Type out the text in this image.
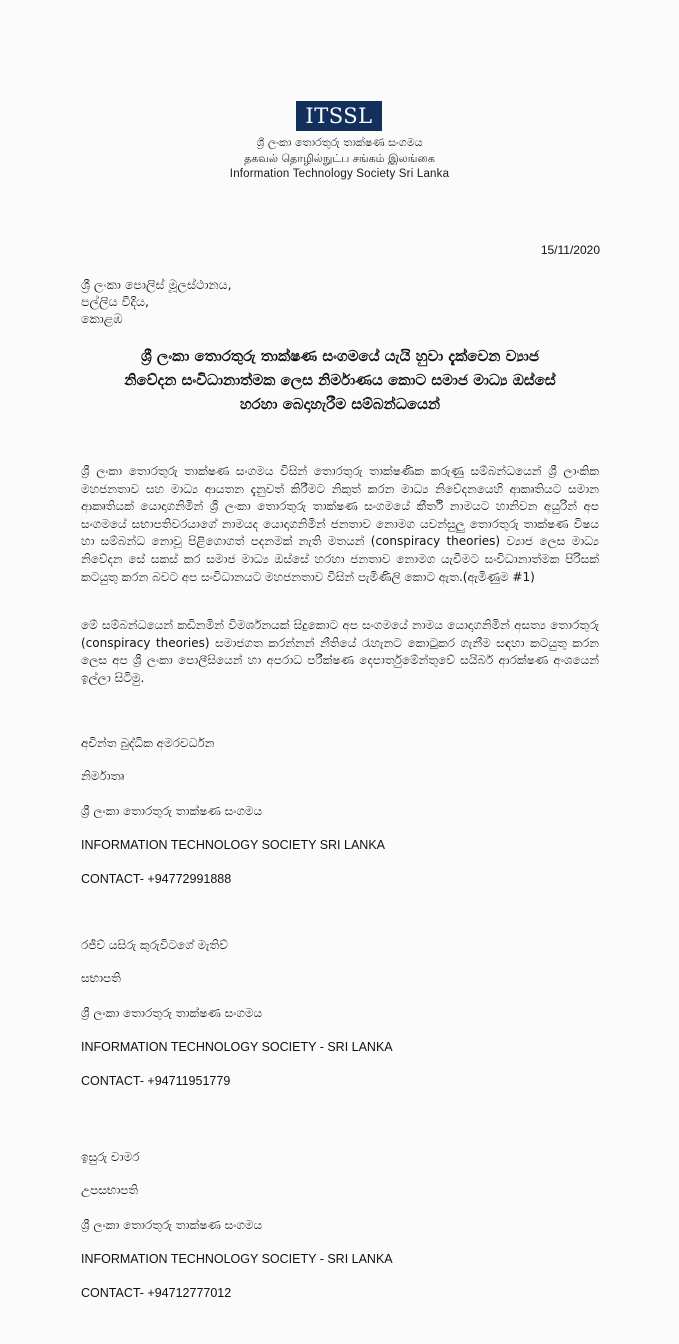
ITSSL
ශ්‍රී ලංකා තොරතුරු තාක්ෂණ සංගමය
தகவல் தொழில்நுட்ப சங்கம் இலங்கை
Information Technology Society Sri Lanka
15/11/2020
ශ්‍රී ලංකා පොලිස් මූලස්ථානය,
පල්ලිය වීදිය,
කොළඹ
ශ්‍රී ලංකා තොරතුරු තාක්ෂණ සංගමයේ යැයි හුවා දැක්වෙන ව්‍යාජ
නිවේදන සංවිධානාත්මක ලෙස නිර්මාණය කොට සමාජ මාධ්‍ය ඔස්සේ
හරහා බෙදාහැරීම සම්බන්ධයෙන්
ශ්‍රී ලංකා තොරතුරු තාක්ෂණ සංගමය විසින් තොරතුරු තාක්ෂණික කරුණු සම්බන්ධයෙන් ශ්‍රී ලාංකික මහජනතාව සහ මාධ්‍ය ආයතන දැනුවත් කිරීමට නිකුත් කරන මාධ්‍ය නිවේදනයෙහි ආකෘතියට සමාන ආකෘතියක් යොදාගනිමින් ශ්‍රී ලංකා තොරතුරු තාක්ෂණ සංගමයේ කීර්ති නාමයට හානිවන අයුරින් අප සංගමයේ සභාපතිවරයාගේ නාමයද යොදාගනිමින් ජනතාව නොමග යවන්සුලු තොරතුරු තාක්ෂණ විෂය හා සම්බන්ධ නොවූ පිළිගොගත් පදනමක් නැති මතයන් (conspiracy theories) ව්‍යාජ ලෙස මාධ්‍ය නිවේදන සේ සකස් කර සමාජ මාධ්‍ය ඔස්සේ හරහා ජනතාව නොමග යැවීමට සංවිධානාත්මක පිරිසක් කටයුතු කරන බවට අප සංවිධානයට මහජනතාව විසින් පැමිණිලි කොට ඇත.(ඇමිණුම #1)
මේ සම්බන්ධයෙන් කඩිනමින් විමර්ශනයක් සිදුකොට අප සංගමයේ නාමය යොදාගනිමින් අසත්‍ය තොරතුරු (conspiracy theories) සමාජගත කරන්නන් නීතියේ රැහැනට කොටුකර ගැනීම සඳහා කටයුතු කරන ලෙස අප ශ්‍රී ලංකා පොලීසියෙන් හා අපරාධ පරීක්ෂණ දෙපාර්තුමේන්තුවේ සයිබර් ආරක්ෂණ අංශයෙන් ඉල්ලා සිටිමු.
අචින්ත බුද්ධික අමරවර්ධන
නිර්මාතෘ
ශ්‍රී ලංකා තොරතුරු තාක්ෂණ සංගමය
INFORMATION TECHNOLOGY SOCIETY SRI LANKA
CONTACT- +94772991888
රජීව් යසිරු කුරුවිටගේ මැතිව්
සභාපති
ශ්‍රී ලංකා තොරතුරු තාක්ෂණ සංගමය
INFORMATION TECHNOLOGY SOCIETY - SRI LANKA
CONTACT- +94711951779
ඉසුරු චාමර
උපසභාපති
ශ්‍රී ලංකා තොරතුරු තාක්ෂණ සංගමය
INFORMATION TECHNOLOGY SOCIETY - SRI LANKA
CONTACT- +94712777012
